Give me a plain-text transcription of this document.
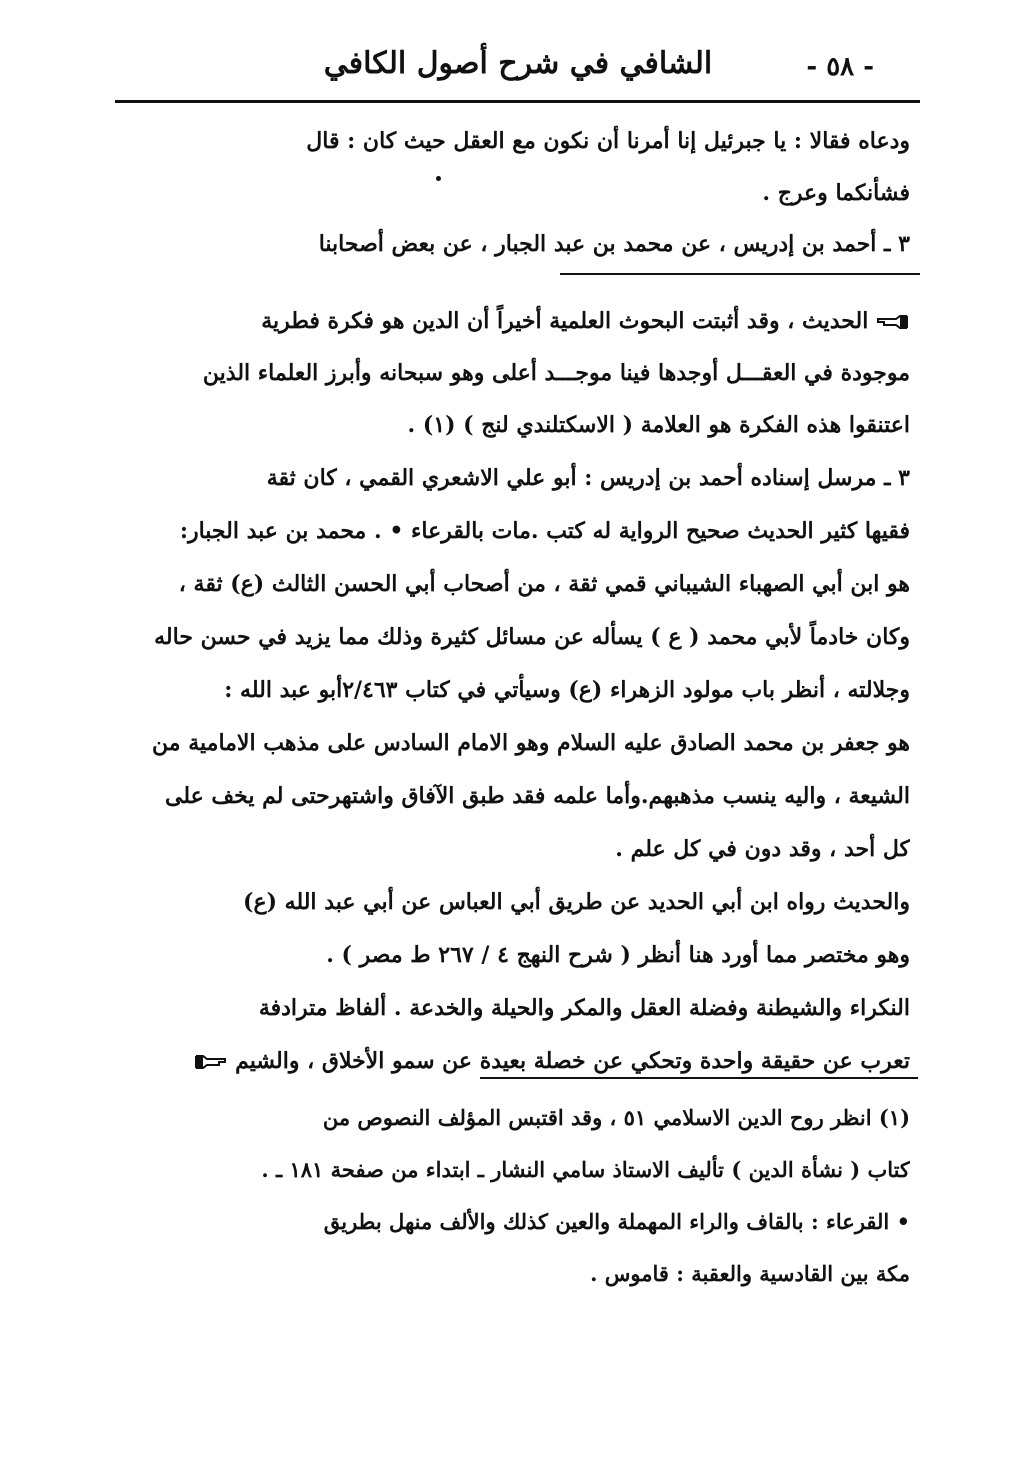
- ٥٨ -
الشافي في شرح أصول الكافي
ودعاه فقالا : يا جبرئيل إنا أمرنا أن نكون مع العقل حيث كان : قال
فشأنكما وعرج .
٣ ـ أحمد بن إدريس ، عن محمد بن عبد الجبار ، عن بعض أصحابنا
الحديث ، وقد أثبتت البحوث العلمية أخيراً أن الدين هو فكرة فطرية
موجودة في العقـــل أوجدها فينا موجـــد أعلى وهو سبحانه وأبرز العلماء الذين
اعتنقوا هذه الفكرة هو العلامة ( الاسكتلندي لنج ) (١) .
٣ ـ مرسل إسناده أحمد بن إدريس : أبو علي الاشعري القمي ، كان ثقة
فقيها كثير الحديث صحيح الرواية له كتب .مات بالقرعاء • . محمد بن عبد الجبار:
هو ابن أبي الصهباء الشيباني قمي ثقة ، من أصحاب أبي الحسن الثالث (ع) ثقة ،
وكان خادماً لأبي محمد ( ع ) يسأله عن مسائل كثيرة وذلك مما يزيد في حسن حاله
وجلالته ، أنظر باب مولود الزهراء (ع) وسيأتي في كتاب ٢/٤٦٣أبو عبد الله :
هو جعفر بن محمد الصادق عليه السلام وهو الامام السادس على مذهب الامامية من
الشيعة ، واليه ينسب مذهبهم.وأما علمه فقد طبق الآفاق واشتهرحتى لم يخف على
كل أحد ، وقد دون في كل علم .
والحديث رواه ابن أبي الحديد عن طريق أبي العباس عن أبي عبد الله (ع)
وهو مختصر مما أورد هنا أنظر ( شرح النهج ٤ / ٢٦٧ ط مصر ) .
النكراء والشيطنة وفضلة العقل والمكر والحيلة والخدعة . ألفاظ مترادفة
تعرب عن حقيقة واحدة وتحكي عن خصلة بعيدة عن سمو الأخلاق ، والشيم
(١) انظر روح الدين الاسلامي ٥١ ، وقد اقتبس المؤلف النصوص من
كتاب ( نشأة الدين ) تأليف الاستاذ سامي النشار ـ ابتداء من صفحة ١٨١ ـ .
• القرعاء : بالقاف والراء المهملة والعين كذلك والألف منهل بطريق
مكة بين القادسية والعقبة : قاموس .
